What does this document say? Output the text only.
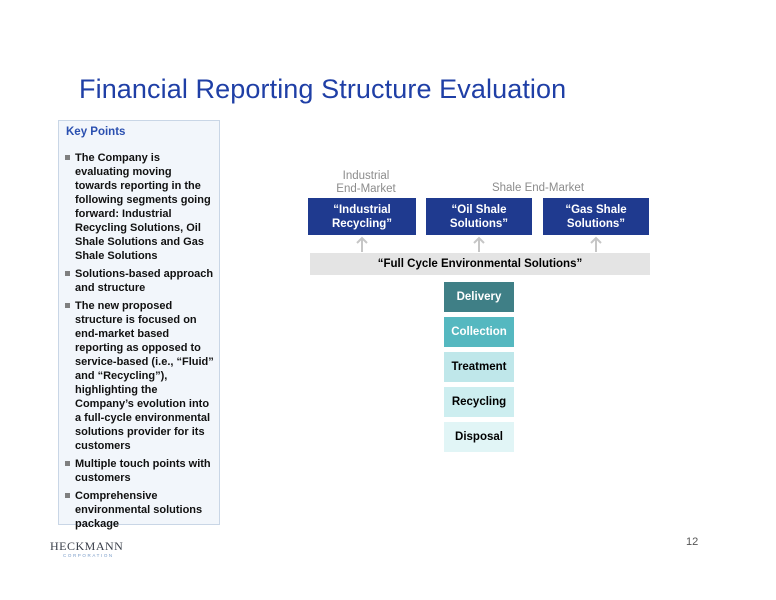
Financial Reporting Structure Evaluation
Key Points
The Company is evaluating moving towards reporting in the following segments going forward: Industrial Recycling Solutions, Oil Shale Solutions and Gas Shale Solutions
Solutions-based approach and structure
The new proposed structure is focused on end-market based reporting as opposed to service-based (i.e., “Fluid” and “Recycling”), highlighting the Company’s evolution into a full-cycle environmental solutions provider for its customers
Multiple touch points with customers
Comprehensive environmental solutions package
Industrial
End-Market	Shale End-Market
“Industrial
Recycling”
“Oil Shale
Solutions”
“Gas Shale
Solutions”
“Full Cycle Environmental Solutions”
Delivery
Collection
Treatment
Recycling
Disposal
HECKMANN
CORPORATION
12
